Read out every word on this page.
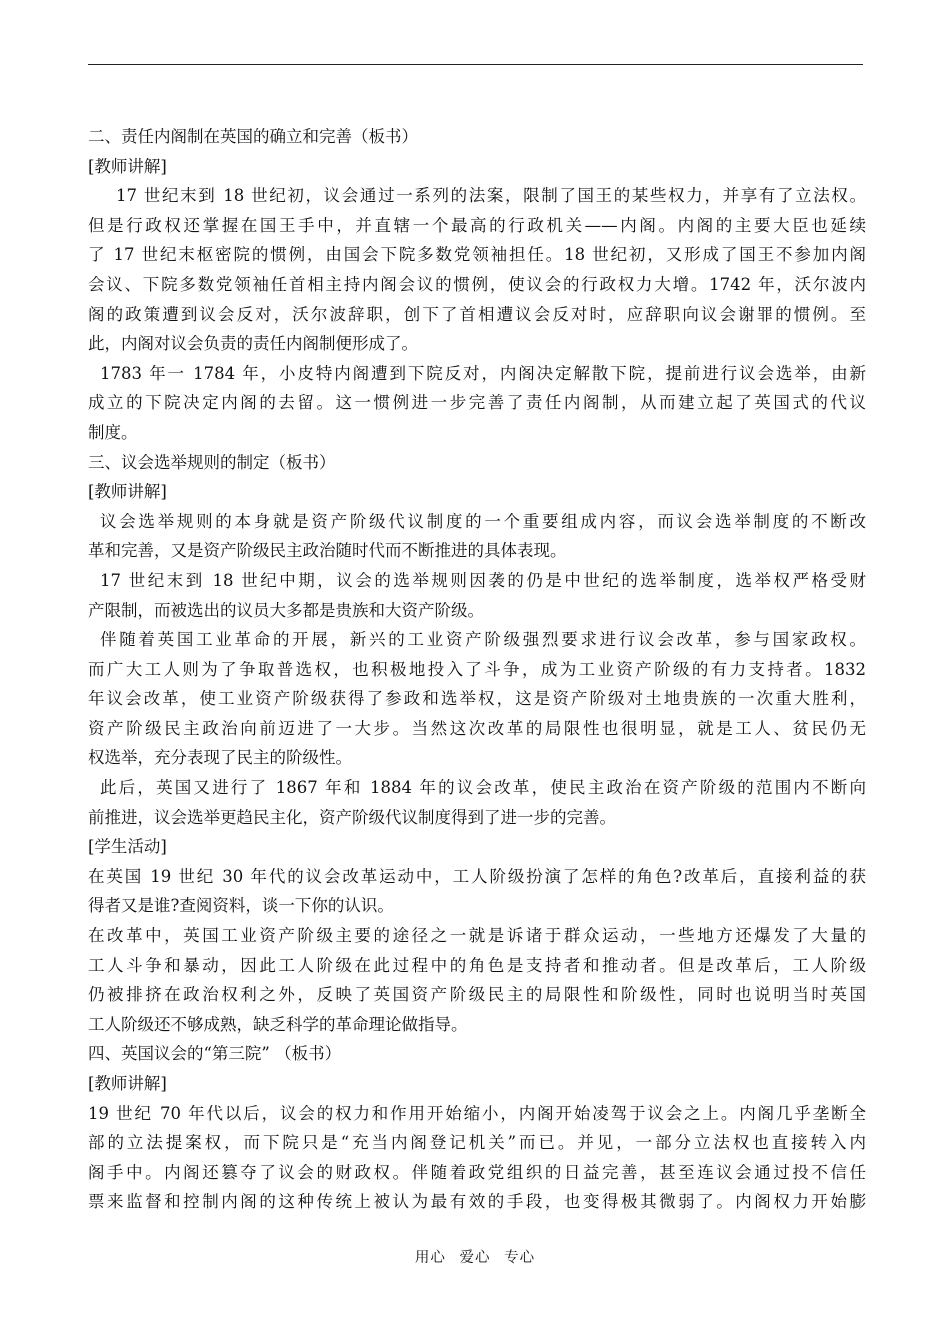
二、责任内阁制在英国的确立和完善（板书）
[教师讲解]
17 世纪末到 18 世纪初，议会通过一系列的法案，限制了国王的某些权力，并享有了立法权。
但是行政权还掌握在国王手中，并直辖一个最高的行政机关——内阁。内阁的主要大臣也延续
了 17 世纪末枢密院的惯例，由国会下院多数党领袖担任。18 世纪初，又形成了国王不参加内阁
会议、下院多数党领袖任首相主持内阁会议的惯例，使议会的行政权力大增。1742 年，沃尔波内
阁的政策遭到议会反对，沃尔波辞职，创下了首相遭议会反对时，应辞职向议会谢罪的惯例。至
此，内阁对议会负责的责任内阁制便形成了。
1783 年一 1784 年，小皮特内阁遭到下院反对，内阁决定解散下院，提前进行议会选举，由新
成立的下院决定内阁的去留。这一惯例进一步完善了责任内阁制，从而建立起了英国式的代议
制度。
三、议会选举规则的制定（板书）
[教师讲解]
议会选举规则的本身就是资产阶级代议制度的一个重要组成内容，而议会选举制度的不断改
革和完善，又是资产阶级民主政治随时代而不断推进的具体表现。
17 世纪末到 18 世纪中期，议会的选举规则因袭的仍是中世纪的选举制度，选举权严格受财
产限制，而被选出的议员大多都是贵族和大资产阶级。
伴随着英国工业革命的开展，新兴的工业资产阶级强烈要求进行议会改革，参与国家政权。
而广大工人则为了争取普选权，也积极地投入了斗争，成为工业资产阶级的有力支持者。1832
年议会改革，使工业资产阶级获得了参政和选举权，这是资产阶级对土地贵族的一次重大胜利，
资产阶级民主政治向前迈进了一大步。当然这次改革的局限性也很明显，就是工人、贫民仍无
权选举，充分表现了民主的阶级性。
此后，英国又进行了 1867 年和 1884 年的议会改革，使民主政治在资产阶级的范围内不断向
前推进，议会选举更趋民主化，资产阶级代议制度得到了进一步的完善。
[学生活动]
在英国 19 世纪 30 年代的议会改革运动中，工人阶级扮演了怎样的角色?改革后，直接利益的获
得者又是谁?查阅资料，谈一下你的认识。
在改革中，英国工业资产阶级主要的途径之一就是诉诸于群众运动，一些地方还爆发了大量的
工人斗争和暴动，因此工人阶级在此过程中的角色是支持者和推动者。但是改革后，工人阶级
仍被排挤在政治权利之外，反映了英国资产阶级民主的局限性和阶级性，同时也说明当时英国
工人阶级还不够成熟，缺乏科学的革命理论做指导。
四、英国议会的“第三院” （板书）
[教师讲解]
19 世纪 70 年代以后，议会的权力和作用开始缩小，内阁开始凌驾于议会之上。内阁几乎垄断全
部的立法提案权，而下院只是“充当内阁登记机关”而已。并见，一部分立法权也直接转入内
阁手中。内阁还篡夺了议会的财政权。伴随着政党组织的日益完善，甚至连议会通过投不信任
票来监督和控制内阁的这种传统上被认为最有效的手段，也变得极其微弱了。内阁权力开始膨
用心 爱心 专心
